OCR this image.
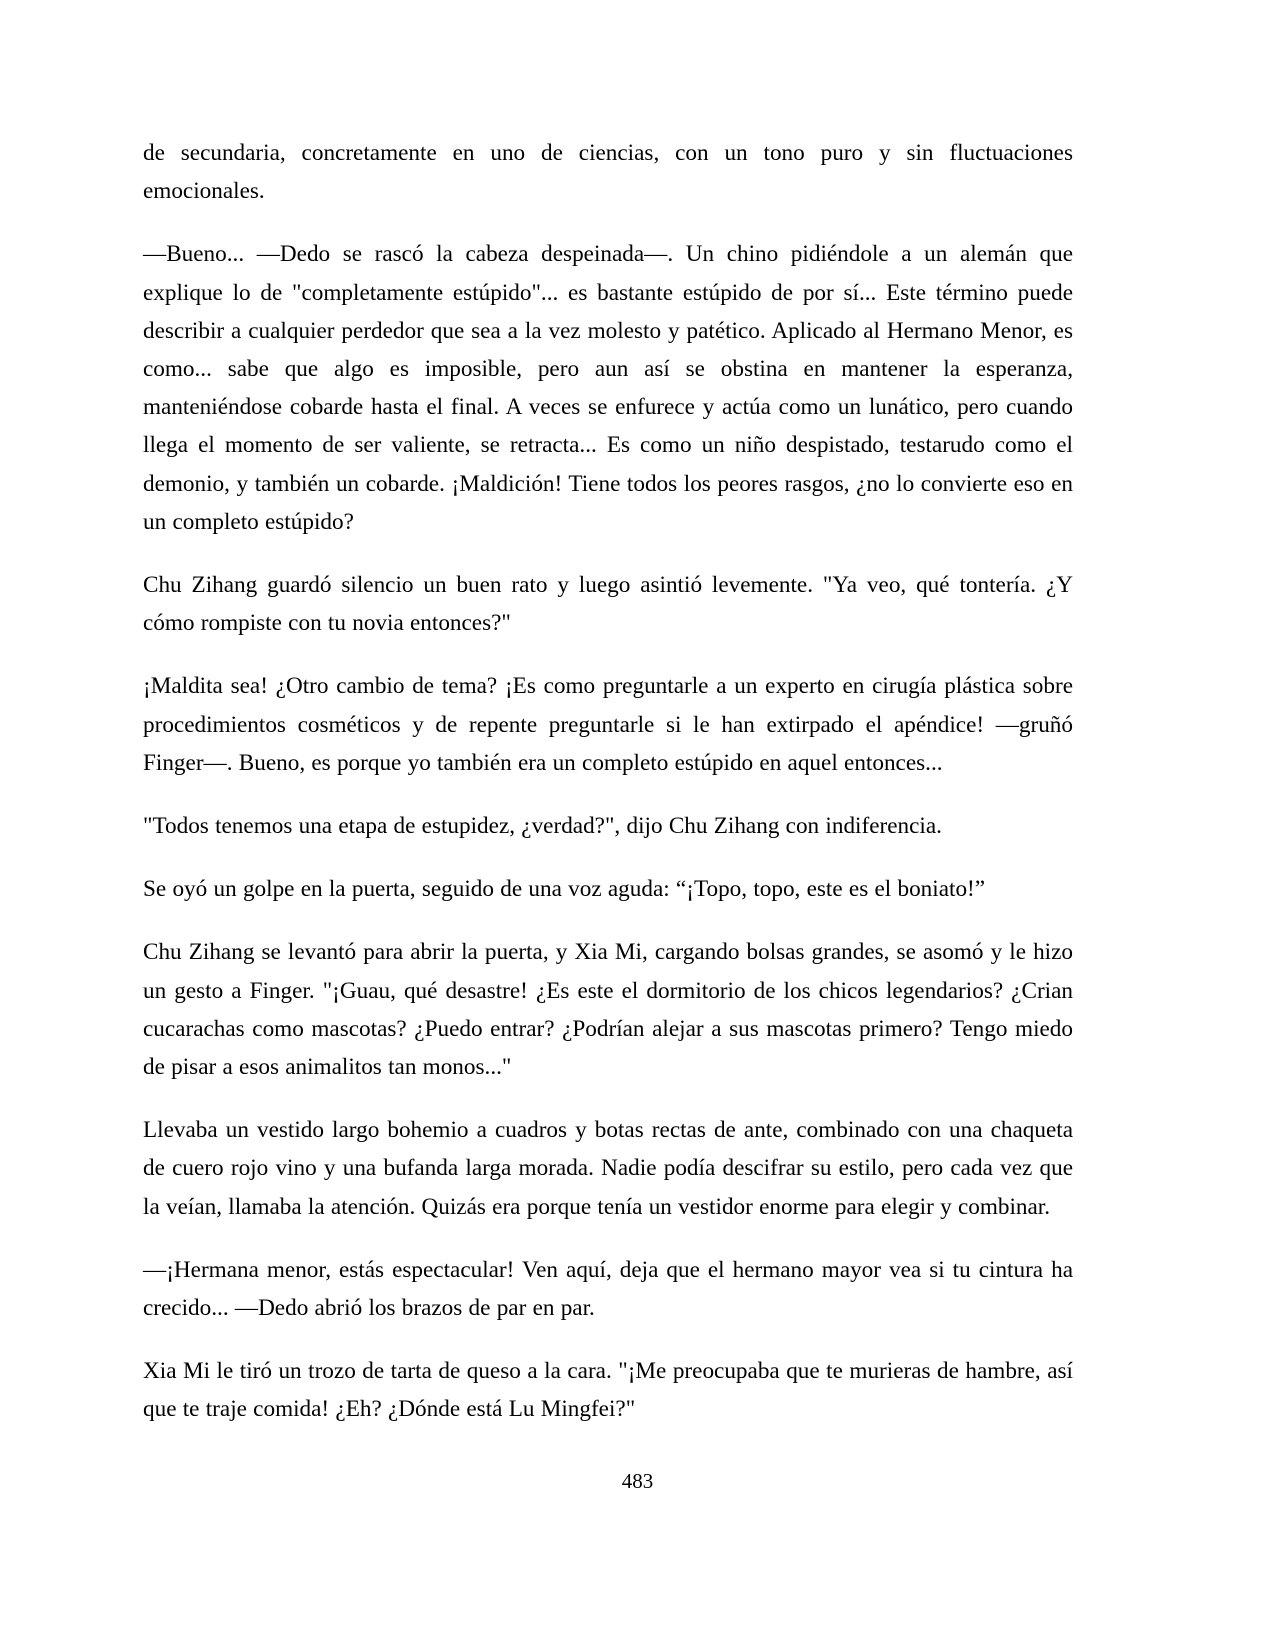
de secundaria, concretamente en uno de ciencias, con un tono puro y sin fluctuaciones emocionales.

—Bueno... —Dedo se rascó la cabeza despeinada—. Un chino pidiéndole a un alemán que explique lo de "completamente estúpido"... es bastante estúpido de por sí... Este término puede describir a cualquier perdedor que sea a la vez molesto y patético. Aplicado al Hermano Menor, es como... sabe que algo es imposible, pero aun así se obstina en mantener la esperanza, manteniéndose cobarde hasta el final. A veces se enfurece y actúa como un lunático, pero cuando llega el momento de ser valiente, se retracta... Es como un niño despistado, testarudo como el demonio, y también un cobarde. ¡Maldición! Tiene todos los peores rasgos, ¿no lo convierte eso en un completo estúpido?

Chu Zihang guardó silencio un buen rato y luego asintió levemente. "Ya veo, qué tontería. ¿Y cómo rompiste con tu novia entonces?"

¡Maldita sea! ¿Otro cambio de tema? ¡Es como preguntarle a un experto en cirugía plástica sobre procedimientos cosméticos y de repente preguntarle si le han extirpado el apéndice! —gruñó Finger—. Bueno, es porque yo también era un completo estúpido en aquel entonces...

"Todos tenemos una etapa de estupidez, ¿verdad?", dijo Chu Zihang con indiferencia.

Se oyó un golpe en la puerta, seguido de una voz aguda: “¡Topo, topo, este es el boniato!”

Chu Zihang se levantó para abrir la puerta, y Xia Mi, cargando bolsas grandes, se asomó y le hizo un gesto a Finger. "¡Guau, qué desastre! ¿Es este el dormitorio de los chicos legendarios? ¿Crian cucarachas como mascotas? ¿Puedo entrar? ¿Podrían alejar a sus mascotas primero? Tengo miedo de pisar a esos animalitos tan monos..."

Llevaba un vestido largo bohemio a cuadros y botas rectas de ante, combinado con una chaqueta de cuero rojo vino y una bufanda larga morada. Nadie podía descifrar su estilo, pero cada vez que la veían, llamaba la atención. Quizás era porque tenía un vestidor enorme para elegir y combinar.

—¡Hermana menor, estás espectacular! Ven aquí, deja que el hermano mayor vea si tu cintura ha crecido... —Dedo abrió los brazos de par en par.

Xia Mi le tiró un trozo de tarta de queso a la cara. "¡Me preocupaba que te murieras de hambre, así que te traje comida! ¿Eh? ¿Dónde está Lu Mingfei?"

483
